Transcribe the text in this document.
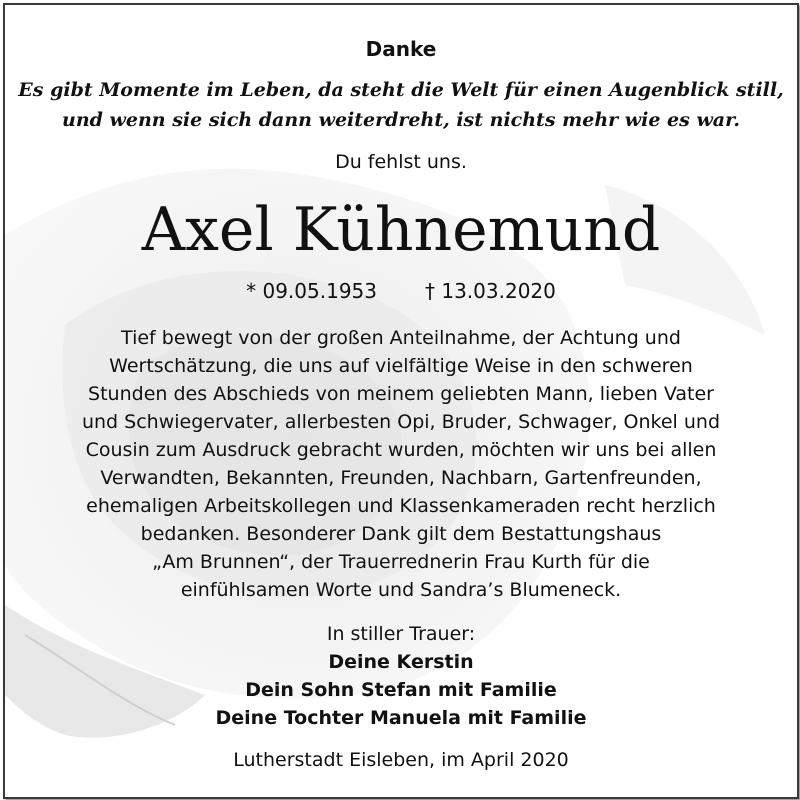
Danke
Es gibt Momente im Leben, da steht die Welt für einen Augenblick still,
und wenn sie sich dann weiterdreht, ist nichts mehr wie es war.
Du fehlst uns.
Axel Kühnemund
* 09.05.1953 † 13.03.2020
Tief bewegt von der großen Anteilnahme, der Achtung und
Wertschätzung, die uns auf vielfältige Weise in den schweren
Stunden des Abschieds von meinem geliebten Mann, lieben Vater
und Schwiegervater, allerbesten Opi, Bruder, Schwager, Onkel und
Cousin zum Ausdruck gebracht wurden, möchten wir uns bei allen
Verwandten, Bekannten, Freunden, Nachbarn, Gartenfreunden,
ehemaligen Arbeitskollegen und Klassenkameraden recht herzlich
bedanken. Besonderer Dank gilt dem Bestattungshaus
„Am Brunnen“, der Trauerrednerin Frau Kurth für die
einfühlsamen Worte und Sandra’s Blumeneck.
In stiller Trauer:
Deine Kerstin
Dein Sohn Stefan mit Familie
Deine Tochter Manuela mit Familie
Lutherstadt Eisleben, im April 2020
